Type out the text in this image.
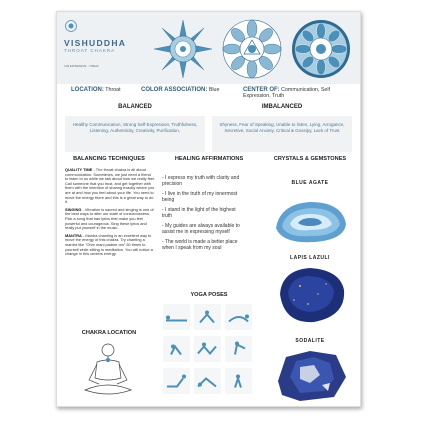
VISHUDDHA
THROAT CHAKRA
I AM EXPRESSIVE · I SPEAK
LOCATION: Throat	COLOR ASSOCIATION: Blue	CENTER OF: Communication, Self Expression, Truth
BALANCED	IMBALANCED
Healthy Communication, Strong Self-Expression, Truthfulness, Listening, Authenticity, Creativity, Purification,
Shyness, Fear of Speaking, Unable to listen, Lying, Arrogance, Secretive, Social Anxiety, Critical & Gossipy, Lack of Trust
BALANCING TECHNIQUES	HEALING AFFIRMATIONS	CRYSTALS & GEMSTONES

QUALITY TIME - The throat chakra is all about communication. Sometimes, we just need a friend to listen to us while we talk about how we really feel. Call someone that you trust, and get together with them with the intention of sharing exactly where you are at and how you feel about your life. You need to move the energy there and this is a great way to do it.

SINGING - Vibration is sacred and singing is one of the best ways to alter our state of consciousness. Pick a song that has lyrics that make you feel powerful and courageous. Sing these lyrics and really put yourself in the music.

MANTRA - Mantra chanting is an excellent way to move the energy of this chakra. Try chanting a mantra like "Ohm mani padme om" 50 times to yourself while sitting in meditation. You will notice a change in this centers energy.

- I express my truth with clarity and precision

- I live in the truth of my innermost being

- I stand in the light of the highest truth

- My guides are always available to assist me in expressing myself

- The world is made a better place when I speak from my soul

CHAKRA LOCATION
YOGA POSES
BLUE AGATE
LAPIS LAZULI
SODALITE
